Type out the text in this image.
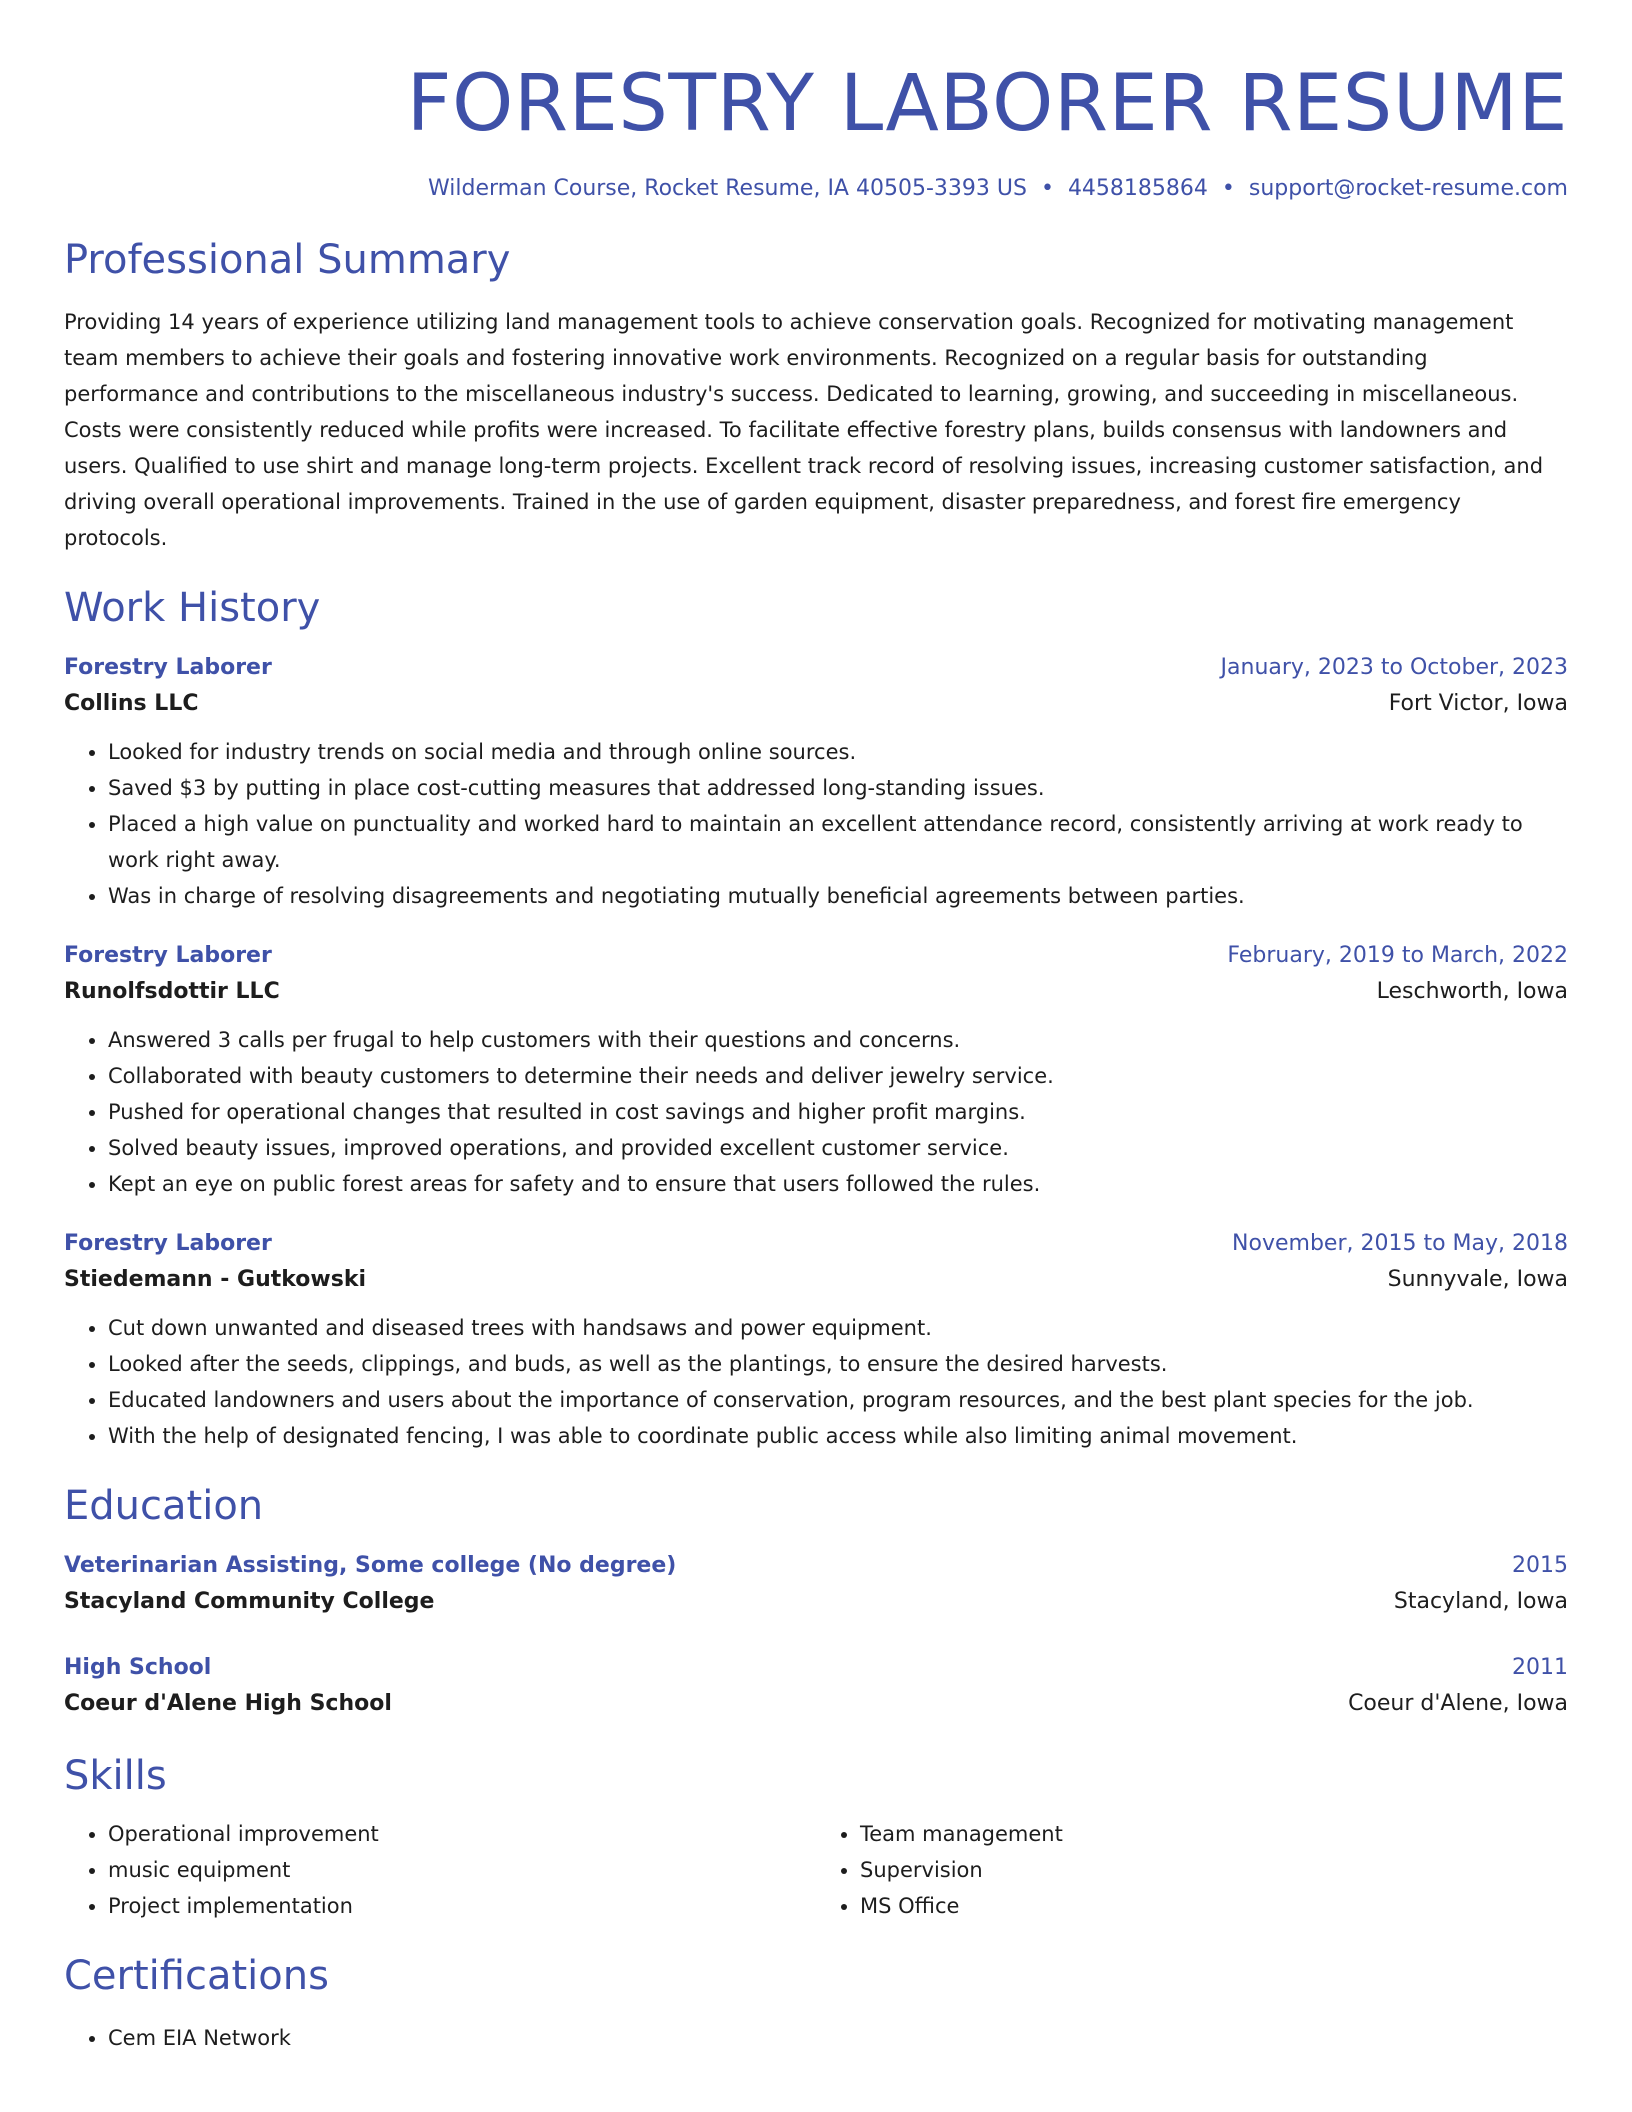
FORESTRY LABORER RESUME
Wilderman Course, Rocket Resume, IA 40505-3393 US • 4458185864 • support@rocket-resume.com
Professional Summary

Providing 14 years of experience utilizing land management tools to achieve conservation goals. Recognized for motivating management team members to achieve their goals and fostering innovative work environments. Recognized on a regular basis for outstanding performance and contributions to the miscellaneous industry's success. Dedicated to learning, growing, and succeeding in miscellaneous. Costs were consistently reduced while profits were increased. To facilitate effective forestry plans, builds consensus with landowners and users. Qualified to use shirt and manage long-term projects. Excellent track record of resolving issues, increasing customer satisfaction, and driving overall operational improvements. Trained in the use of garden equipment, disaster preparedness, and forest fire emergency protocols.

Work History
Forestry Laborer	January, 2023 to October, 2023
Collins LLC	Fort Victor, Iowa
• Looked for industry trends on social media and through online sources.
• Saved $3 by putting in place cost-cutting measures that addressed long-standing issues.
• Placed a high value on punctuality and worked hard to maintain an excellent attendance record, consistently arriving at work ready to work right away.
• Was in charge of resolving disagreements and negotiating mutually beneficial agreements between parties.
Forestry Laborer	February, 2019 to March, 2022
Runolfsdottir LLC	Leschworth, Iowa
• Answered 3 calls per frugal to help customers with their questions and concerns.
• Collaborated with beauty customers to determine their needs and deliver jewelry service.
• Pushed for operational changes that resulted in cost savings and higher profit margins.
• Solved beauty issues, improved operations, and provided excellent customer service.
• Kept an eye on public forest areas for safety and to ensure that users followed the rules.
Forestry Laborer	November, 2015 to May, 2018
Stiedemann - Gutkowski	Sunnyvale, Iowa
• Cut down unwanted and diseased trees with handsaws and power equipment.
• Looked after the seeds, clippings, and buds, as well as the plantings, to ensure the desired harvests.
• Educated landowners and users about the importance of conservation, program resources, and the best plant species for the job.
• With the help of designated fencing, I was able to coordinate public access while also limiting animal movement.
Education
Veterinarian Assisting, Some college (No degree)	2015
Stacyland Community College	Stacyland, Iowa
High School	2011
Coeur d'Alene High School	Coeur d'Alene, Iowa
Skills
• Operational improvement
• music equipment
• Project implementation
• Team management
• Supervision
• MS Office
Certifications
• Cem EIA Network
